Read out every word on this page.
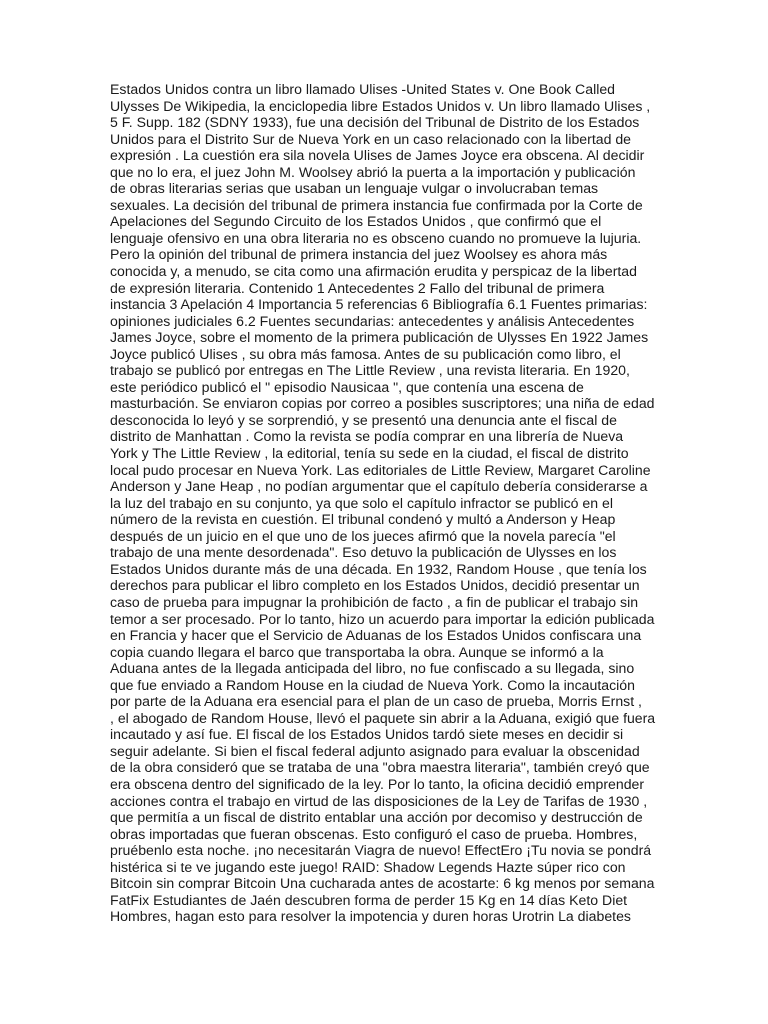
Estados Unidos contra un libro llamado Ulises -United States v. One Book Called
Ulysses De Wikipedia, la enciclopedia libre Estados Unidos v. Un libro llamado Ulises ,
5 F. Supp. 182 (SDNY 1933), fue una decisión del Tribunal de Distrito de los Estados
Unidos para el Distrito Sur de Nueva York en un caso relacionado con la libertad de
expresión . La cuestión era sila novela Ulises de James Joyce era obscena. Al decidir
que no lo era, el juez John M. Woolsey abrió la puerta a la importación y publicación
de obras literarias serias que usaban un lenguaje vulgar o involucraban temas
sexuales. La decisión del tribunal de primera instancia fue confirmada por la Corte de
Apelaciones del Segundo Circuito de los Estados Unidos , que confirmó que el
lenguaje ofensivo en una obra literaria no es obsceno cuando no promueve la lujuria.
Pero la opinión del tribunal de primera instancia del juez Woolsey es ahora más
conocida y, a menudo, se cita como una afirmación erudita y perspicaz de la libertad
de expresión literaria. Contenido 1 Antecedentes 2 Fallo del tribunal de primera
instancia 3 Apelación 4 Importancia 5 referencias 6 Bibliografía 6.1 Fuentes primarias:
opiniones judiciales 6.2 Fuentes secundarias: antecedentes y análisis Antecedentes
James Joyce, sobre el momento de la primera publicación de Ulysses En 1922 James
Joyce publicó Ulises , su obra más famosa. Antes de su publicación como libro, el
trabajo se publicó por entregas en The Little Review , una revista literaria. En 1920,
este periódico publicó el " episodio Nausicaa ", que contenía una escena de
masturbación. Se enviaron copias por correo a posibles suscriptores; una niña de edad
desconocida lo leyó y se sorprendió, y se presentó una denuncia ante el fiscal de
distrito de Manhattan . Como la revista se podía comprar en una librería de Nueva
York y The Little Review , la editorial, tenía su sede en la ciudad, el fiscal de distrito
local pudo procesar en Nueva York. Las editoriales de Little Review, Margaret Caroline
Anderson y Jane Heap , no podían argumentar que el capítulo debería considerarse a
la luz del trabajo en su conjunto, ya que solo el capítulo infractor se publicó en el
número de la revista en cuestión. El tribunal condenó y multó a Anderson y Heap
después de un juicio en el que uno de los jueces afirmó que la novela parecía "el
trabajo de una mente desordenada". Eso detuvo la publicación de Ulysses en los
Estados Unidos durante más de una década. En 1932, Random House , que tenía los
derechos para publicar el libro completo en los Estados Unidos, decidió presentar un
caso de prueba para impugnar la prohibición de facto , a fin de publicar el trabajo sin
temor a ser procesado. Por lo tanto, hizo un acuerdo para importar la edición publicada
en Francia y hacer que el Servicio de Aduanas de los Estados Unidos confiscara una
copia cuando llegara el barco que transportaba la obra. Aunque se informó a la
Aduana antes de la llegada anticipada del libro, no fue confiscado a su llegada, sino
que fue enviado a Random House en la ciudad de Nueva York. Como la incautación
por parte de la Aduana era esencial para el plan de un caso de prueba, Morris Ernst ,
, el abogado de Random House, llevó el paquete sin abrir a la Aduana, exigió que fuera
incautado y así fue. El fiscal de los Estados Unidos tardó siete meses en decidir si
seguir adelante. Si bien el fiscal federal adjunto asignado para evaluar la obscenidad
de la obra consideró que se trataba de una "obra maestra literaria", también creyó que
era obscena dentro del significado de la ley. Por lo tanto, la oficina decidió emprender
acciones contra el trabajo en virtud de las disposiciones de la Ley de Tarifas de 1930 ,
que permitía a un fiscal de distrito entablar una acción por decomiso y destrucción de
obras importadas que fueran obscenas. Esto configuró el caso de prueba. Hombres,
pruébenlo esta noche. ¡no necesitarán Viagra de nuevo! EffectEro ¡Tu novia se pondrá
histérica si te ve jugando este juego! RAID: Shadow Legends Hazte súper rico con
Bitcoin sin comprar Bitcoin Una cucharada antes de acostarte: 6 kg menos por semana
FatFix Estudiantes de Jaén descubren forma de perder 15 Kg en 14 días Keto Diet
Hombres, hagan esto para resolver la impotencia y duren horas Urotrin La diabetes
